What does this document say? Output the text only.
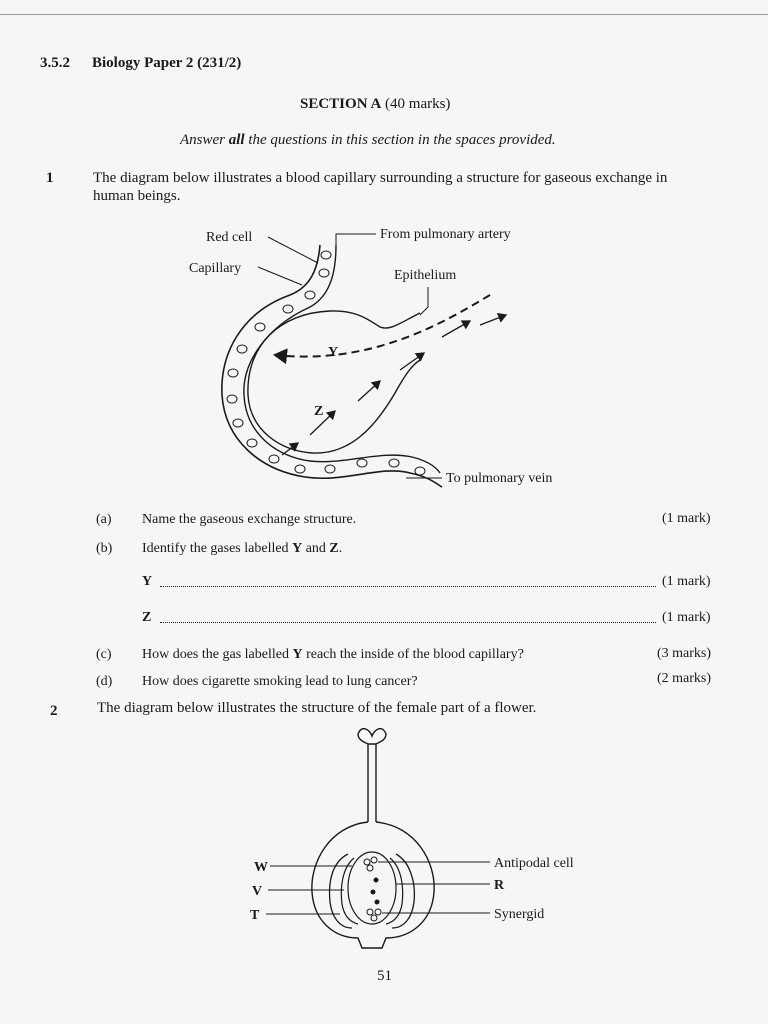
3.5.2 Biology Paper 2 (231/2)
SECTION A (40 marks)
Answer all the questions in this section in the spaces provided.
1	The diagram below illustrates a blood capillary surrounding a structure for gaseous exchange in
human beings.
Red cell
Capillary
From pulmonary artery
Epithelium
Y
Z
To pulmonary vein
(a) Name the gaseous exchange structure.	(1 mark)
(b) Identify the gases labelled Y and Z.
Y	(1 mark)
Z	(1 mark)
(c) How does the gas labelled Y reach the inside of the blood capillary?	(3 marks)
(d) How does cigarette smoking lead to lung cancer?	(2 marks)
2	The diagram below illustrates the structure of the female part of a flower.
W
V
T
Antipodal cell
R
Synergid
51
